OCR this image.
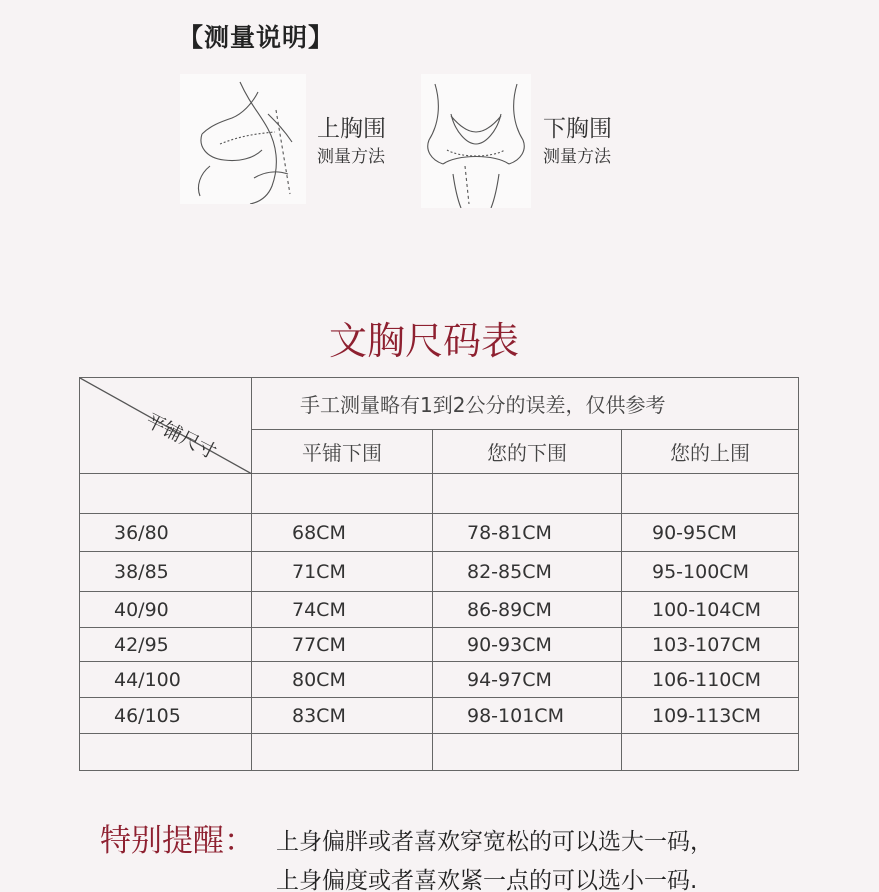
【测量说明】
上胸围
测量方法
下胸围
测量方法
文胸尺码表
平铺尺寸	手工测量略有1到2公分的误差，仅供参考		
	平铺下围	您的下围	您的上围

36/80	68CM	78-81CM	90-95CM
38/85	71CM	82-85CM	95-100CM
40/90	74CM	86-89CM	100-104CM
42/95	77CM	90-93CM	103-107CM
44/100	80CM	94-97CM	106-110CM
46/105	83CM	98-101CM	109-113CM

特别提醒： 上身偏胖或者喜欢穿宽松的可以选大一码，
上身偏度或者喜欢紧一点的可以选小一码.
